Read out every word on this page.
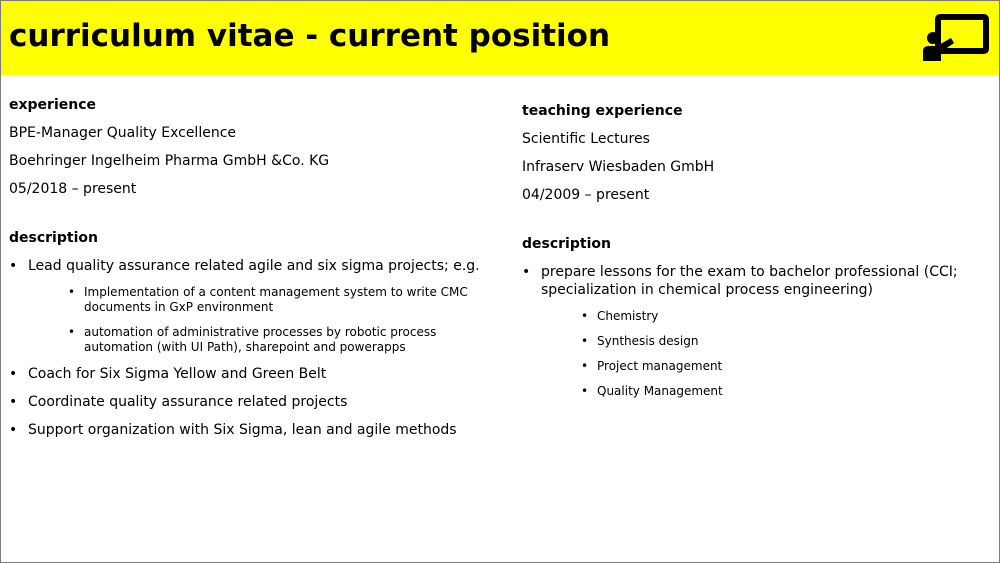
curriculum vitae - current position
experience
BPE-Manager Quality Excellence
Boehringer Ingelheim Pharma GmbH &Co. KG
05/2018 – present
description
• Lead quality assurance related agile and six sigma projects; e.g.
• Implementation of a content management system to write CMC documents in GxP environment
• automation of administrative processes by robotic process automation (with UI Path), sharepoint and powerapps
• Coach for Six Sigma Yellow and Green Belt
• Coordinate quality assurance related projects
• Support organization with Six Sigma, lean and agile methods
teaching experience
Scientific Lectures
Infraserv Wiesbaden GmbH
04/2009 – present
description
• prepare lessons for the exam to bachelor professional (CCI; specialization in chemical process engineering)
• Chemistry
• Synthesis design
• Project management
• Quality Management
